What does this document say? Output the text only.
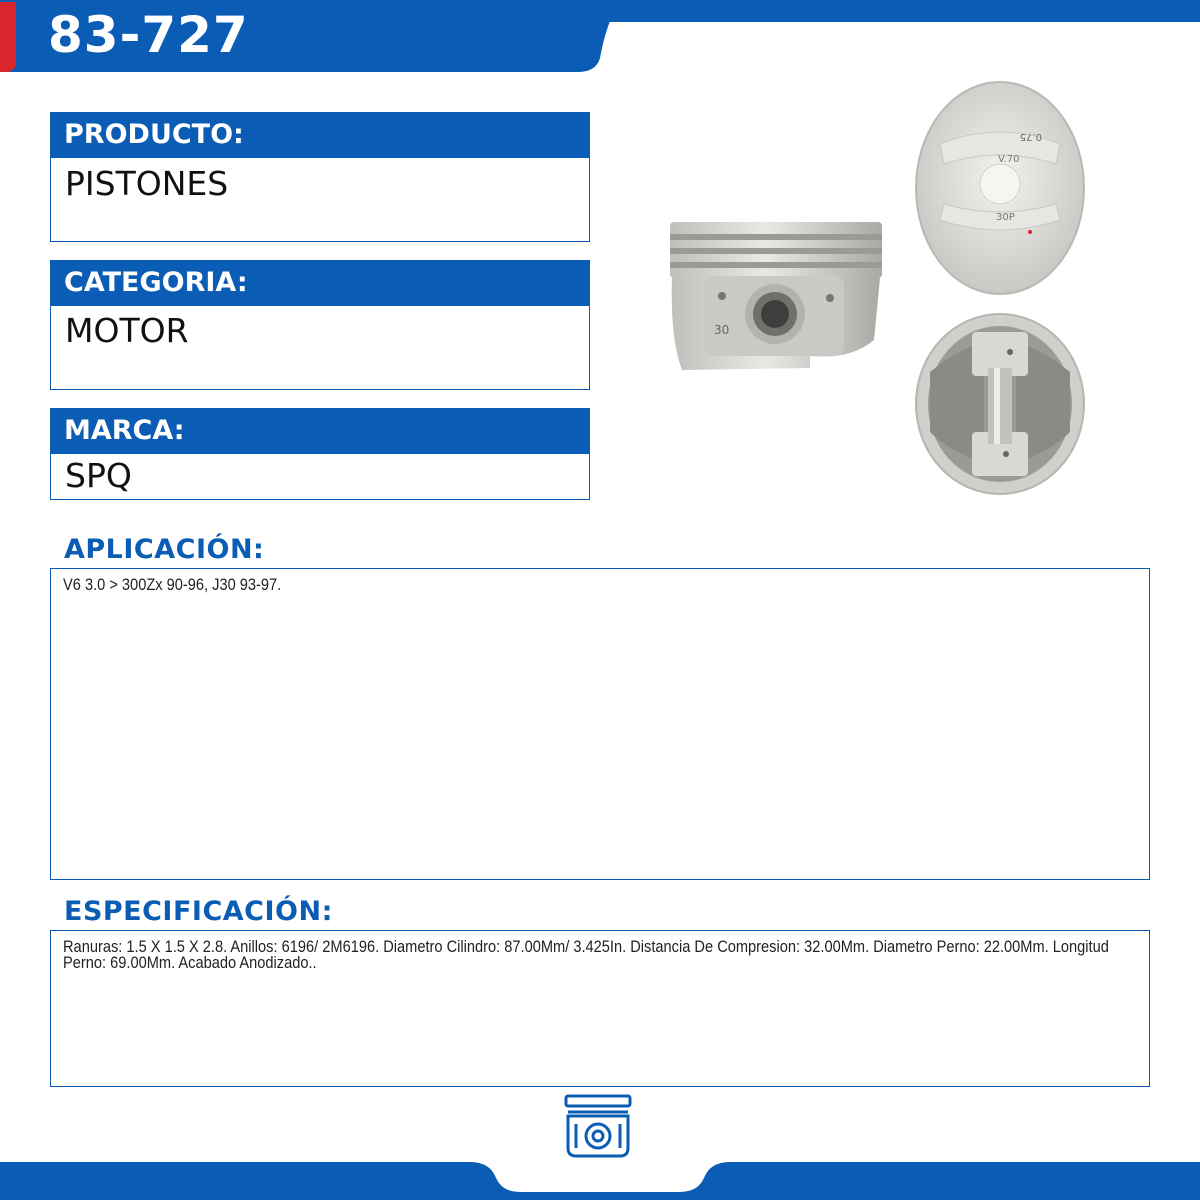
83-727
PRODUCTO:
PISTONES
CATEGORIA:
MOTOR
MARCA:
SPQ
30
0.75
V.70
30P
APLICACIÓN:
V6 3.0 > 300Zx 90-96, J30 93-97.
ESPECIFICACIÓN:
Ranuras: 1.5 X 1.5 X 2.8. Anillos: 6196/ 2M6196. Diametro Cilindro: 87.00Mm/ 3.425In. Distancia De Compresion: 32.00Mm. Diametro Perno: 22.00Mm. Longitud Perno: 69.00Mm. Acabado Anodizado..
MOTOR
